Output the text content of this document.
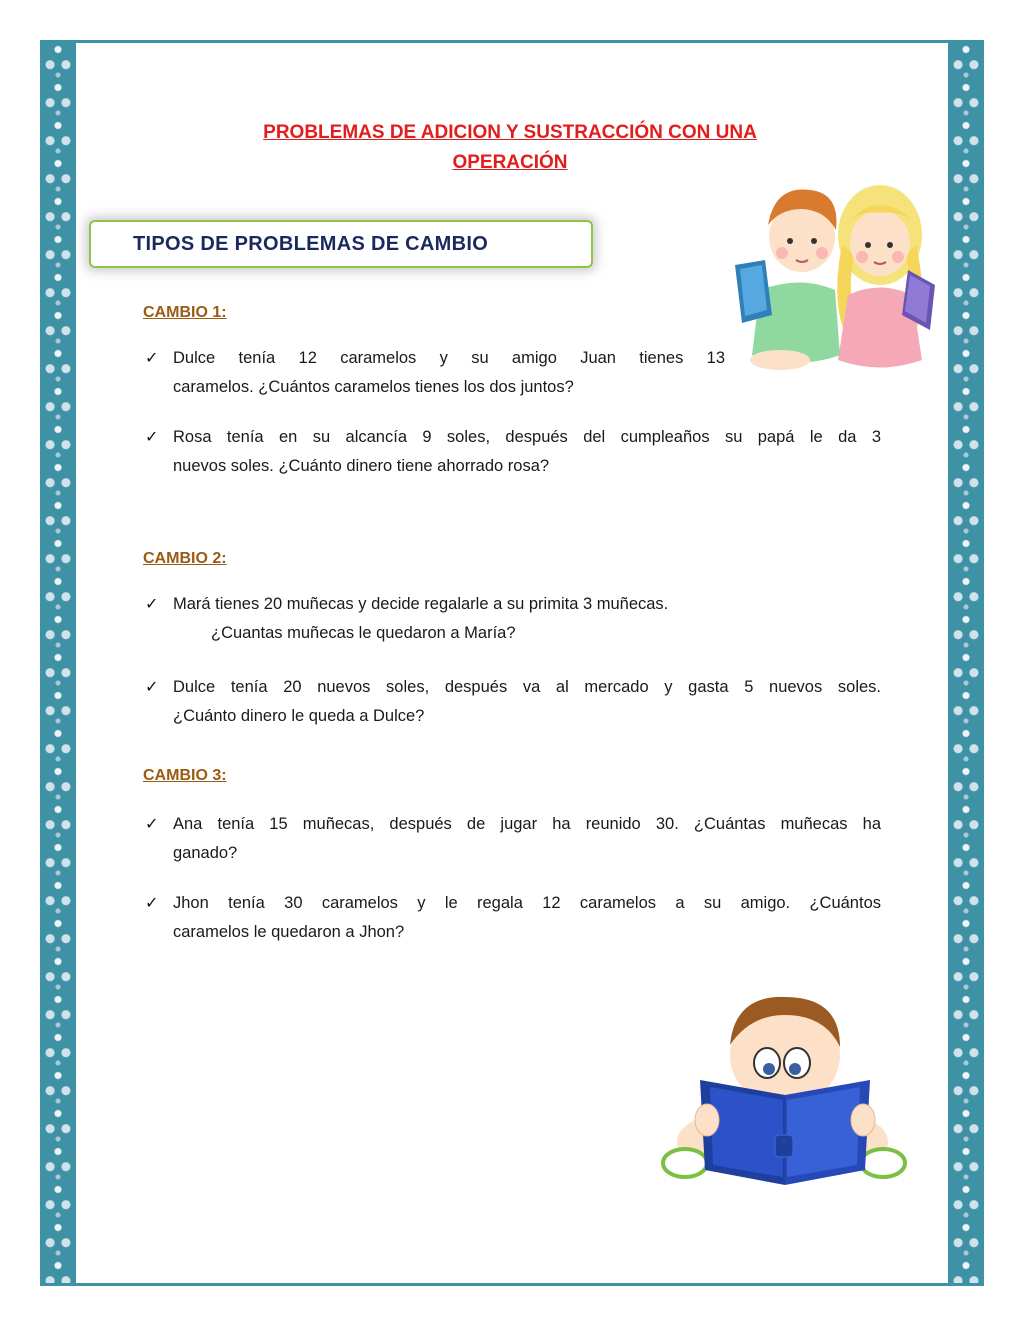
PROBLEMAS DE ADICION Y SUSTRACCIÓN CON UNA
OPERACIÓN
TIPOS DE PROBLEMAS DE CAMBIO
CAMBIO 1:
✓ Dulce tenía 12 caramelos y su amigo Juan tienes 13
caramelos. ¿Cuántos caramelos tienes los dos juntos?
✓ Rosa tenía en su alcancía 9 soles, después del cumpleaños su papá le da 3
nuevos soles. ¿Cuánto dinero tiene ahorrado rosa?
CAMBIO 2:
✓ Mará tienes 20 muñecas y decide regalarle a su primita 3 muñecas.
¿Cuantas muñecas le quedaron a María?
✓ Dulce tenía 20 nuevos soles, después va al mercado y gasta 5 nuevos soles.
¿Cuánto dinero le queda a Dulce?
CAMBIO 3:
✓ Ana tenía 15 muñecas, después de jugar ha reunido 30. ¿Cuántas muñecas ha
ganado?
✓ Jhon tenía 30 caramelos y le regala 12 caramelos a su amigo. ¿Cuántos
caramelos le quedaron a Jhon?
